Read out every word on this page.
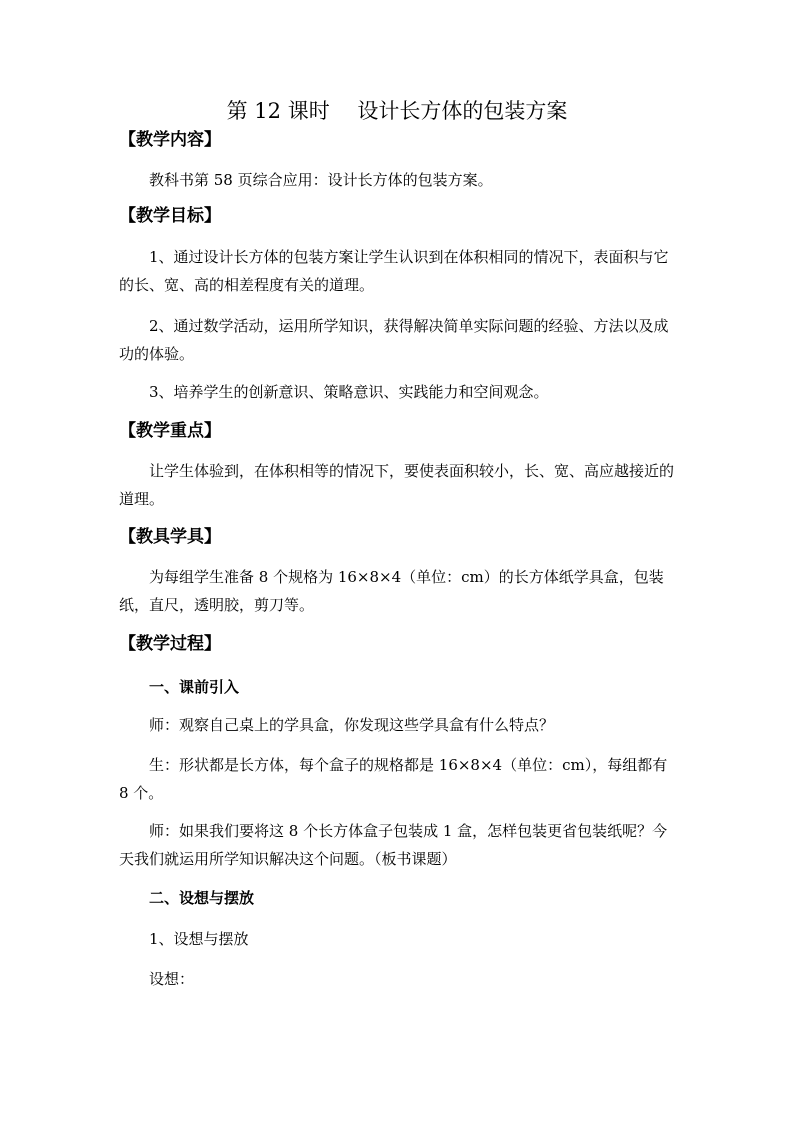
第 12 课时　 设计长方体的包装方案
【教学内容】
教科书第 58 页综合应用：设计长方体的包装方案。
【教学目标】
1、通过设计长方体的包装方案让学生认识到在体积相同的情况下，表面积与它的长、宽、高的相差程度有关的道理。
2、通过数学活动，运用所学知识，获得解决简单实际问题的经验、方法以及成功的体验。
3、培养学生的创新意识、策略意识、实践能力和空间观念。
【教学重点】
让学生体验到，在体积相等的情况下，要使表面积较小，长、宽、高应越接近的道理。
【教具学具】
为每组学生准备 8 个规格为 16×8×4（单位：cm）的长方体纸学具盒，包装纸，直尺，透明胶，剪刀等。
【教学过程】
一、课前引入
师：观察自己桌上的学具盒，你发现这些学具盒有什么特点？
生：形状都是长方体，每个盒子的规格都是 16×8×4（单位：cm），每组都有 8 个。
师：如果我们要将这 8 个长方体盒子包装成 1 盒，怎样包装更省包装纸呢？今天我们就运用所学知识解决这个问题。（板书课题）
二、设想与摆放
1、设想与摆放
设想：
